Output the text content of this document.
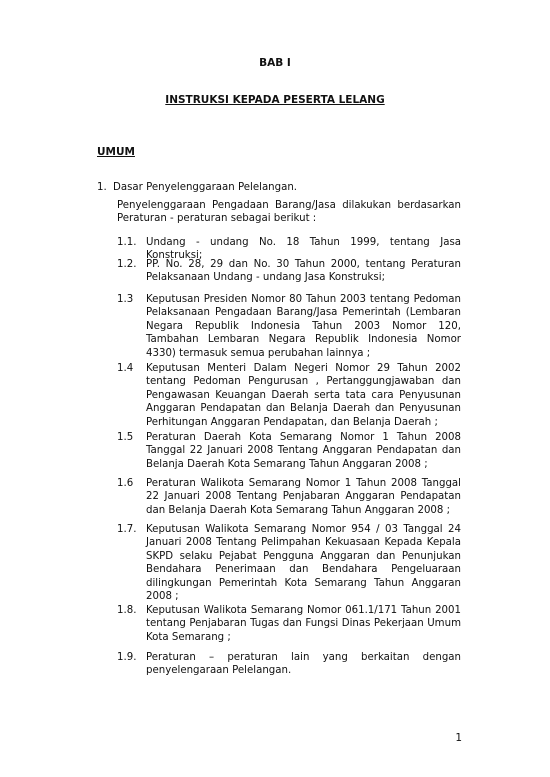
BAB I
INSTRUKSI KEPADA PESERTA LELANG
UMUM
1. Dasar Penyelenggaraan Pelelangan.
Penyelenggaraan Pengadaan Barang/Jasa dilakukan berdasarkan Peraturan - peraturan sebagai berikut :
1.1. Undang - undang No. 18 Tahun 1999, tentang Jasa Konstruksi;
1.2. PP. No. 28, 29 dan No. 30 Tahun 2000, tentang Peraturan Pelaksanaan Undang - undang Jasa Konstruksi;
1.3	Keputusan Presiden Nomor 80 Tahun 2003 tentang Pedoman Pelaksanaan Pengadaan Barang/Jasa Pemerintah (Lembaran Negara Republik Indonesia Tahun 2003 Nomor 120, Tambahan Lembaran Negara Republik Indonesia Nomor 4330) termasuk semua perubahan lainnya ;
1.4	Keputusan Menteri Dalam Negeri Nomor 29 Tahun 2002 tentang Pedoman Pengurusan , Pertanggungjawaban dan Pengawasan Keuangan Daerah serta tata cara Penyusunan Anggaran Pendapatan dan Belanja Daerah dan Penyusunan Perhitungan Anggaran Pendapatan, dan Belanja Daerah ;
1.5	Peraturan Daerah Kota Semarang Nomor 1 Tahun 2008 Tanggal 22 Januari 2008 Tentang Anggaran Pendapatan dan Belanja Daerah Kota Semarang Tahun Anggaran 2008 ;
1.6	Peraturan Walikota Semarang Nomor 1 Tahun 2008 Tanggal 22 Januari 2008 Tentang Penjabaran Anggaran Pendapatan dan Belanja Daerah Kota Semarang Tahun Anggaran 2008 ;
1.7. Keputusan Walikota Semarang Nomor 954 / 03 Tanggal 24 Januari 2008 Tentang Pelimpahan Kekuasaan Kepada Kepala SKPD selaku Pejabat Pengguna Anggaran dan Penunjukan Bendahara Penerimaan dan Bendahara Pengeluaraan dilingkungan Pemerintah Kota Semarang Tahun Anggaran 2008 ;
1.8. Keputusan Walikota Semarang Nomor 061.1/171 Tahun 2001 tentang Penjabaran Tugas dan Fungsi Dinas Pekerjaan Umum Kota Semarang ;
1.9. Peraturan – peraturan lain yang berkaitan dengan penyelengaraan Pelelangan.
1
